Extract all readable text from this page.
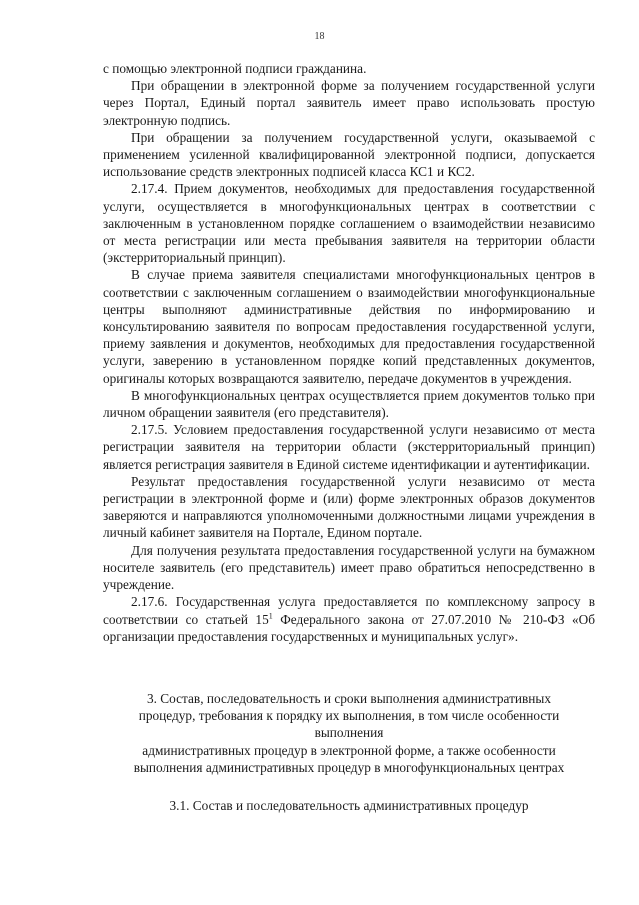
18

с помощью электронной подписи гражданина.

При обращении в электронной форме за получением государственной услуги через Портал, Единый портал заявитель имеет право использовать простую электронную подпись.

При обращении за получением государственной услуги, оказываемой с применением усиленной квалифицированной электронной подписи, допускается использование средств электронных подписей класса КС1 и КС2.

2.17.4. Прием документов, необходимых для предоставления государственной услуги, осуществляется в многофункциональных центрах в соответствии с заключенным в установленном порядке соглашением о взаимодействии независимо от места регистрации или места пребывания заявителя на территории области (экстерриториальный принцип).

В случае приема заявителя специалистами многофункциональных центров в соответствии с заключенным соглашением о взаимодействии многофункциональные центры выполняют административные действия по информированию и консультированию заявителя по вопросам предоставления государственной услуги, приему заявления и документов, необходимых для предоставления государственной услуги, заверению в установленном порядке копий представленных документов, оригиналы которых возвращаются заявителю, передаче документов в учреждения.

В многофункциональных центрах осуществляется прием документов только при личном обращении заявителя (его представителя).

2.17.5. Условием предоставления государственной услуги независимо от места регистрации заявителя на территории области (экстерриториальный принцип) является регистрация заявителя в Единой системе идентификации и аутентификации.

Результат предоставления государственной услуги независимо от места регистрации в электронной форме и (или) форме электронных образов документов заверяются и направляются уполномоченными должностными лицами учреждения в личный кабинет заявителя на Портале, Едином портале.

Для получения результата предоставления государственной услуги на бумажном носителе заявитель (его представитель) имеет право обратиться непосредственно в учреждение.

2.17.6. Государственная услуга предоставляется по комплексному запросу в соответствии со статьей $15^1$ Федерального закона от 27.07.2010 № 210-ФЗ «Об организации предоставления государственных и муниципальных услуг».

3. Состав, последовательность и сроки выполнения административных

процедур, требования к порядку их выполнения, в том числе особенности

выполнения

административных процедур в электронной форме, а также особенности

выполнения административных процедур в многофункциональных центрах

3.1. Состав и последовательность административных процедур
